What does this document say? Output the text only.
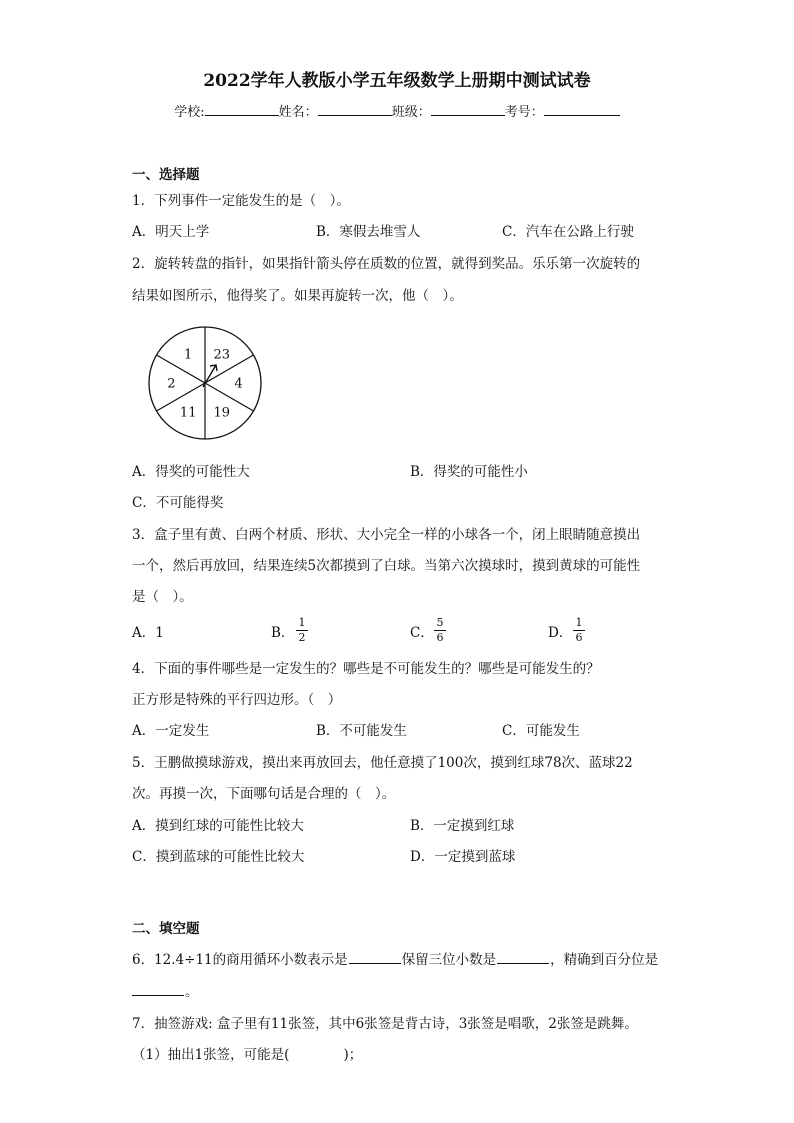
2022学年人教版小学五年级数学上册期中测试试卷
学校:	姓名：	班级：	考号：
一、选择题
1．下列事件一定能发生的是（　）。
A．明天上学	B．寒假去堆雪人	C．汽车在公路上行驶
2．旋转转盘的指针，如果指针箭头停在质数的位置，就得到奖品。乐乐第一次旋转的
结果如图所示，他得奖了。如果再旋转一次，他（　）。
1 23
4
19
11
2
A．得奖的可能性大	B．得奖的可能性小
C．不可能得奖
3．盒子里有黄、白两个材质、形状、大小完全一样的小球各一个，闭上眼睛随意摸出
一个，然后再放回，结果连续5次都摸到了白球。当第六次摸球时，摸到黄球的可能性
是（　）。
A．1	B． $\frac{1}{2}$	C． $\frac{5}{6}$	D． $\frac{1}{6}$
4．下面的事件哪些是一定发生的？哪些是不可能发生的？哪些是可能发生的？
正方形是特殊的平行四边形。（　）
A．一定发生	B．不可能发生	C．可能发生
5．王鹏做摸球游戏，摸出来再放回去，他任意摸了100次，摸到红球78次、蓝球22
次。再摸一次，下面哪句话是合理的（　）。
A．摸到红球的可能性比较大	B．一定摸到红球
C．摸到蓝球的可能性比较大	D．一定摸到蓝球
二、填空题
6．12.4÷11的商用循环小数表示是	保留三位小数是	，精确到百分位是
。
7．抽签游戏: 盒子里有11张签，其中6张签是背古诗，3张签是唱歌，2张签是跳舞。
（1）抽出1张签，可能是(　　　　)；
